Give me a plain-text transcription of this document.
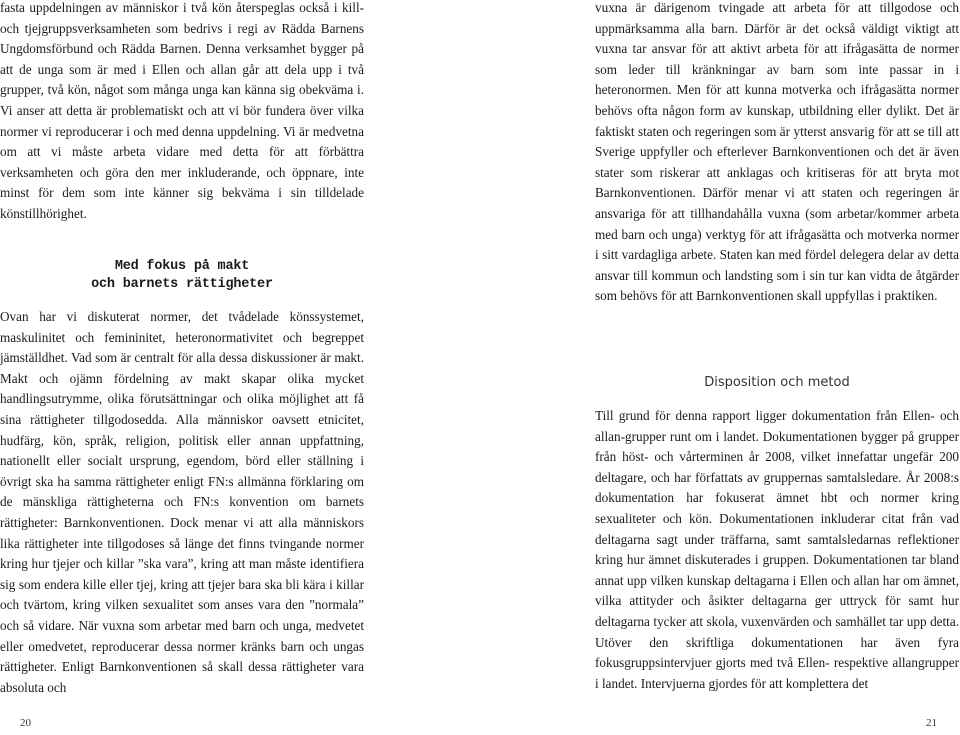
fasta uppdelningen av människor i två kön återspeglas också i kill- och tjejgruppsverksamheten som bedrivs i regi av Rädda Barnens Ungdomsförbund och Rädda Barnen. Denna verksamhet bygger på att de unga som är med i Ellen och allan går att dela upp i två grupper, två kön, något som många unga kan känna sig obekväma i. Vi anser att detta är problematiskt och att vi bör fundera över vilka normer vi reproducerar i och med denna uppdelning. Vi är medvetna om att vi måste arbeta vidare med detta för att förbättra verksamheten och göra den mer inkluderande, och öppnare, inte minst för dem som inte känner sig bekväma i sin tilldelade könstillhörighet.

Med fokus på makt

och barnets rättigheter

Ovan har vi diskuterat normer, det tvådelade könssystemet, maskulinitet och femininitet, heteronormativitet och begreppet jämställdhet. Vad som är centralt för alla dessa diskussioner är makt. Makt och ojämn fördelning av makt skapar olika mycket handlingsutrymme, olika förutsättningar och olika möjlighet att få sina rättigheter tillgodosedda. Alla människor oavsett etnicitet, hudfärg, kön, språk, religion, politisk eller annan uppfattning, nationellt eller socialt ursprung, egendom, börd eller ställning i övrigt ska ha samma rättigheter enligt FN:s allmänna förklaring om de mänskliga rättigheterna och FN:s konvention om barnets rättigheter: Barnkonventionen. Dock menar vi att alla människors lika rättigheter inte tillgodoses så länge det finns tvingande normer kring hur tjejer och killar ”ska vara”, kring att man måste identifiera sig som endera kille eller tjej, kring att tjejer bara ska bli kära i killar och tvärtom, kring vilken sexualitet som anses vara den ”normala” och så vidare. När vuxna som arbetar med barn och unga, medvetet eller omedvetet, reproducerar dessa normer kränks barn och ungas rättigheter. Enligt Barnkonventionen så skall dessa rättigheter vara absoluta och

20

vuxna är därigenom tvingade att arbeta för att tillgodose och uppmärksamma alla barn. Därför är det också väldigt viktigt att vuxna tar ansvar för att aktivt arbeta för att ifrågasätta de normer som leder till kränkningar av barn som inte passar in i heteronormen. Men för att kunna motverka och ifrågasätta normer behövs ofta någon form av kunskap, utbildning eller dylikt. Det är faktiskt staten och regeringen som är ytterst ansvarig för att se till att Sverige uppfyller och efterlever Barnkonventionen och det är även stater som riskerar att anklagas och kritiseras för att bryta mot Barnkonventionen. Därför menar vi att staten och regeringen är ansvariga för att tillhandahålla vuxna (som arbetar/kommer arbeta med barn och unga) verktyg för att ifrågasätta och motverka normer i sitt vardagliga arbete. Staten kan med fördel delegera delar av detta ansvar till kommun och landsting som i sin tur kan vidta de åtgärder som behövs för att Barnkonventionen skall uppfyllas i praktiken.

Disposition och metod

Till grund för denna rapport ligger dokumentation från Ellen- och allan-grupper runt om i landet. Dokumentationen bygger på grupper från höst- och vårterminen år 2008, vilket innefattar ungefär 200 deltagare, och har författats av gruppernas samtalsledare. År 2008:s dokumentation har fokuserat ämnet hbt och normer kring sexualiteter och kön. Dokumentationen inkluderar citat från vad deltagarna sagt under träffarna, samt samtalsledarnas reflektioner kring hur ämnet diskuterades i gruppen. Dokumentationen tar bland annat upp vilken kunskap deltagarna i Ellen och allan har om ämnet, vilka attityder och åsikter deltagarna ger uttryck för samt hur deltagarna tycker att skola, vuxenvärden och samhället tar upp detta. Utöver den skriftliga dokumentationen har även fyra fokusgruppsintervjuer gjorts med två Ellen- respektive allangrupper i landet. Intervjuerna gjordes för att komplettera det

21
